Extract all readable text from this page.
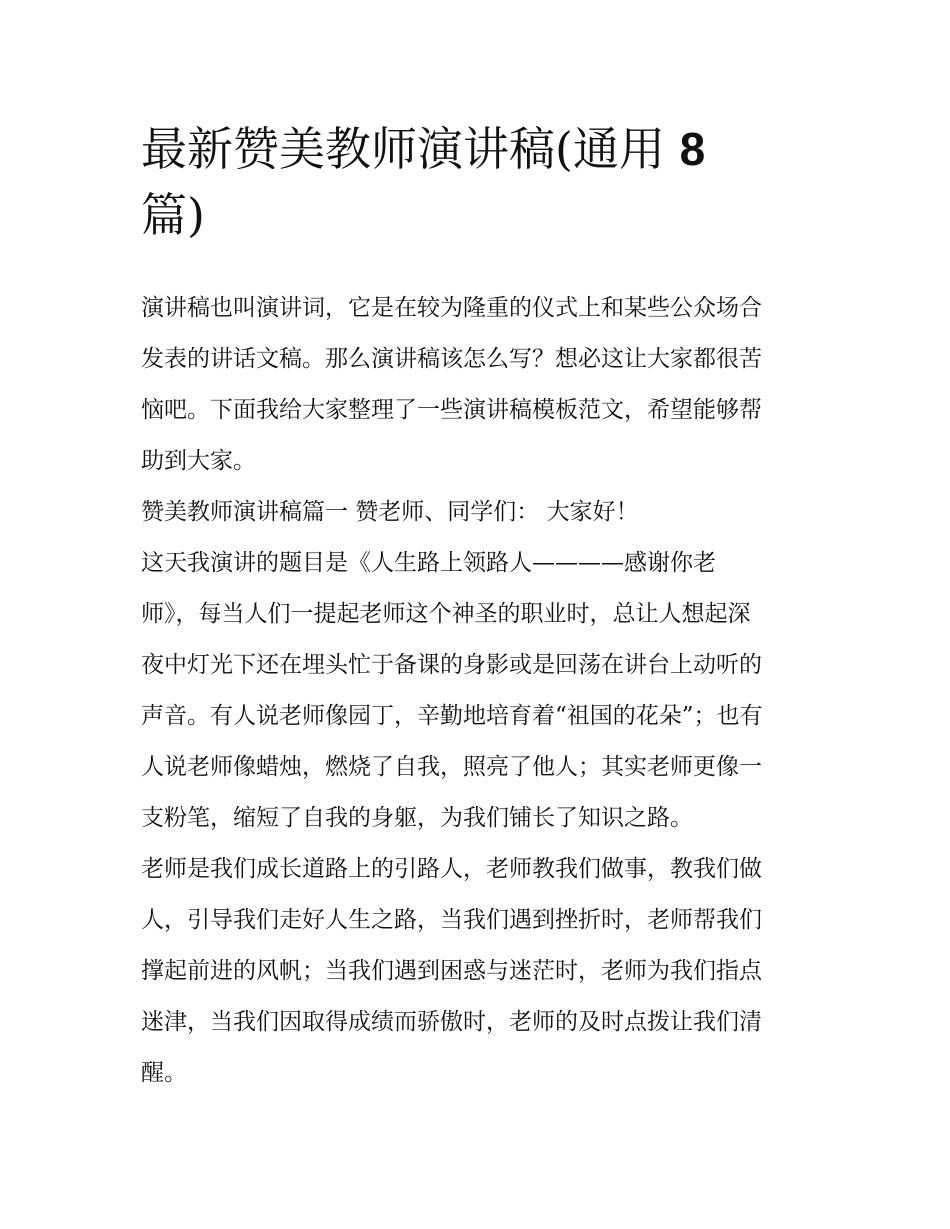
最新赞美教师演讲稿(通用 8
篇)

演讲稿也叫演讲词，它是在较为隆重的仪式上和某些公众场合
发表的讲话文稿。那么演讲稿该怎么写？想必这让大家都很苦
恼吧。下面我给大家整理了一些演讲稿模板范文，希望能够帮
助到大家。

赞美教师演讲稿篇一 赞老师、同学们： 大家好！

这天我演讲的题目是《人生路上领路人————感谢你老
师》，每当人们一提起老师这个神圣的职业时，总让人想起深
夜中灯光下还在埋头忙于备课的身影或是回荡在讲台上动听的
声音。有人说老师像园丁，辛勤地培育着“祖国的花朵”；也有
人说老师像蜡烛，燃烧了自我，照亮了他人；其实老师更像一
支粉笔，缩短了自我的身躯，为我们铺长了知识之路。

老师是我们成长道路上的引路人，老师教我们做事，教我们做
人，引导我们走好人生之路，当我们遇到挫折时，老师帮我们
撑起前进的风帆；当我们遇到困惑与迷茫时，老师为我们指点
迷津，当我们因取得成绩而骄傲时，老师的及时点拨让我们清
醒。
